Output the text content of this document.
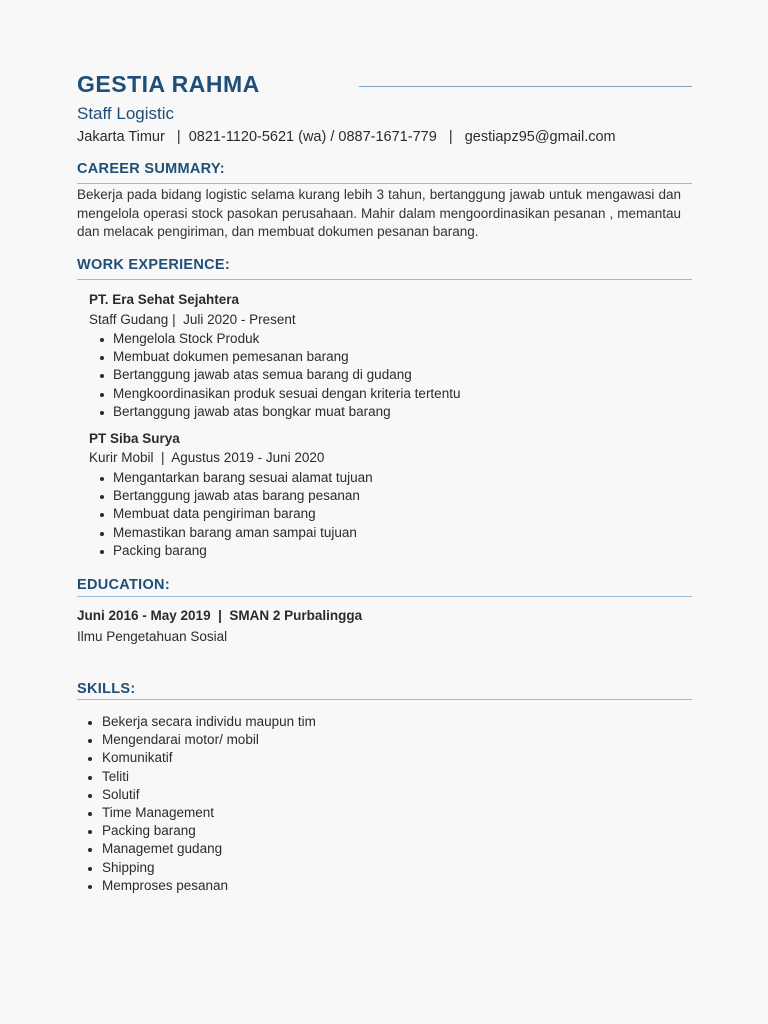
GESTIA RAHMA
Staff Logistic
Jakarta Timur   |  0821-1120-5621 (wa) / 0887-1671-779   |   gestiapz95@gmail.com
CAREER SUMMARY:
Bekerja pada bidang logistic selama kurang lebih 3 tahun, bertanggung jawab untuk mengawasi dan mengelola operasi stock pasokan perusahaan. Mahir dalam mengoordinasikan pesanan , memantau dan melacak pengiriman, dan membuat dokumen pesanan barang.
WORK EXPERIENCE:
PT. Era Sehat Sejahtera
Staff Gudang |  Juli 2020 - Present
Mengelola Stock Produk
Membuat dokumen pemesanan barang
Bertanggung jawab atas semua barang di gudang
Mengkoordinasikan produk sesuai dengan kriteria tertentu
Bertanggung jawab atas bongkar muat barang
PT Siba Surya
Kurir Mobil  |  Agustus 2019 - Juni 2020
Mengantarkan barang sesuai alamat tujuan
Bertanggung jawab atas barang pesanan
Membuat data pengiriman barang
Memastikan barang aman sampai tujuan
Packing barang
EDUCATION:
Juni 2016 - May 2019  |  SMAN 2 Purbalingga
Ilmu Pengetahuan Sosial
SKILLS:
Bekerja secara individu maupun tim
Mengendarai motor/ mobil
Komunikatif
Teliti
Solutif
Time Management
Packing barang
Managemet gudang
Shipping
Memproses pesanan
